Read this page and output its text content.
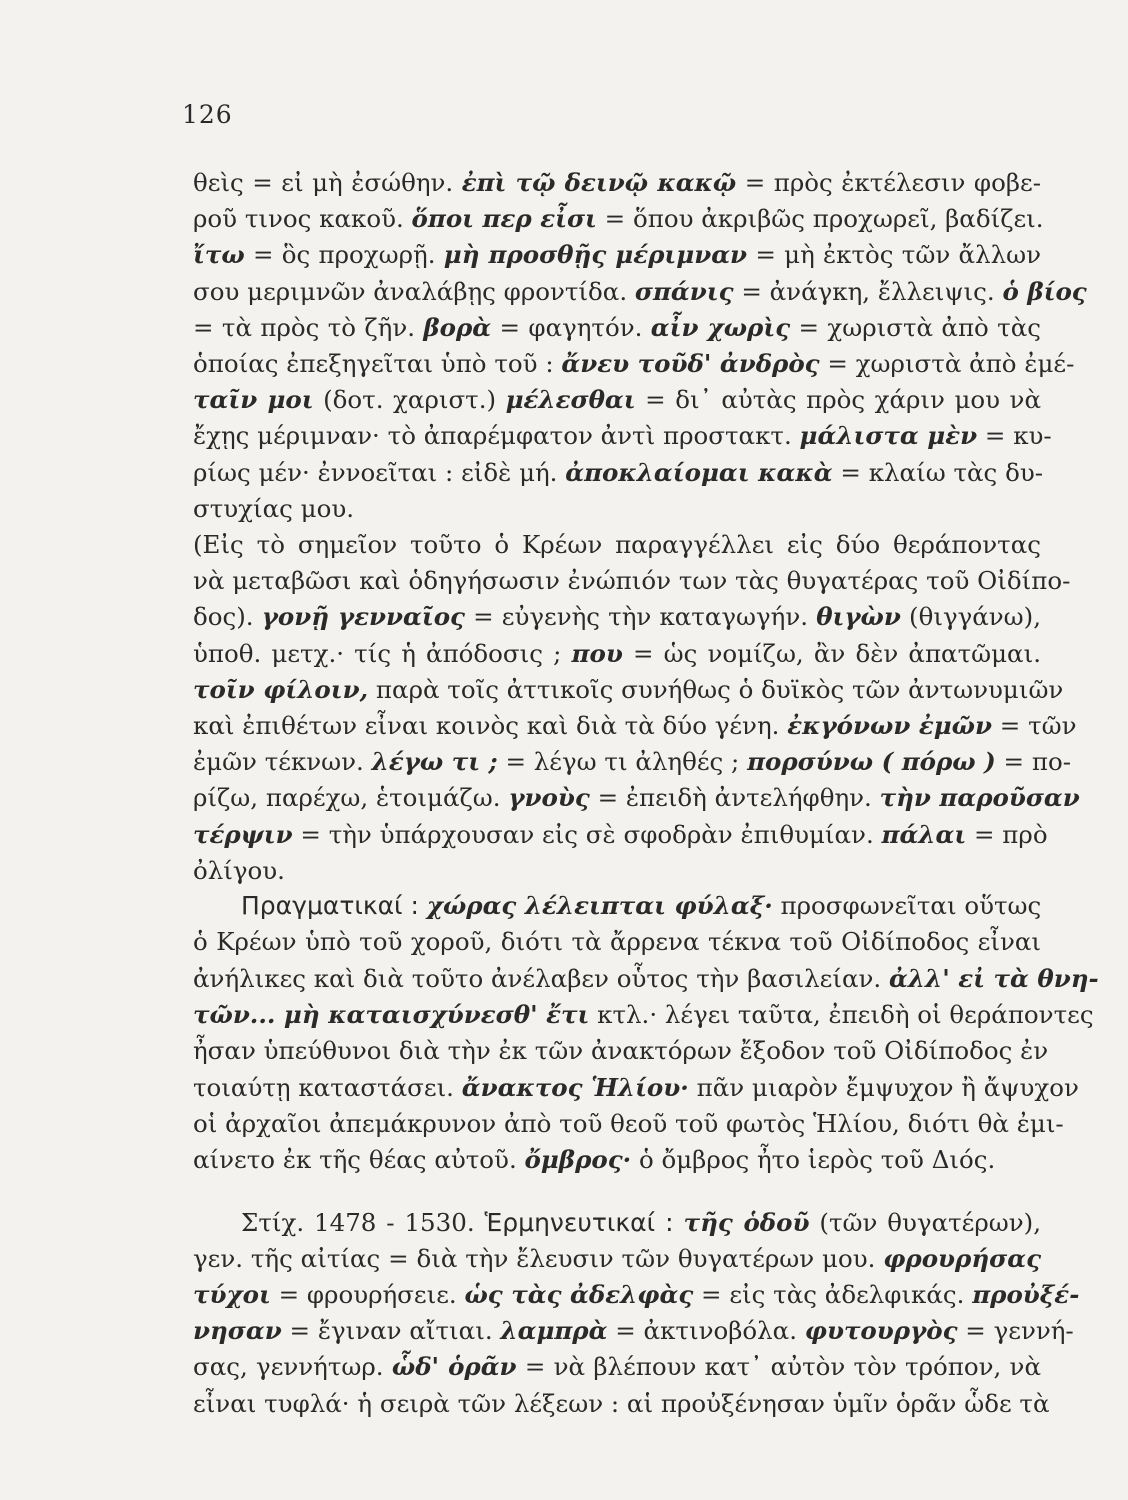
126
θεὶς = εἰ μὴ ἐσώθην. ἐπὶ τῷ δεινῷ κακῷ = πρὸς ἐκτέλεσιν φοβε-
ροῦ τινος κακοῦ. ὅποι περ εἶσι = ὅπου ἀκριβῶς προχωρεῖ, βαδίζει.
ἴτω = ὃς προχωρῇ. μὴ προσθῇς μέριμναν = μὴ ἐκτὸς τῶν ἄλλων
σου μεριμνῶν ἀναλάβῃς φροντίδα. σπάνις = ἀνάγκη, ἔλλειψις. ὁ βίος
= τὰ πρὸς τὸ ζῆν. βορὰ = φαγητόν. αἶν χωρὶς = χωριστὰ ἀπὸ τὰς
ὁποίας ἐπεξηγεῖται ὑπὸ τοῦ : ἄνευ τοῦδ' ἀνδρὸς = χωριστὰ ἀπὸ ἐμέ-
ταῖν μοι (δοτ. χαριστ.) μέλεσθαι = δι᾽ αὐτὰς πρὸς χάριν μου νὰ
ἔχῃς μέριμναν· τὸ ἀπαρέμφατον ἀντὶ προστακτ. μάλιστα μὲν = κυ-
ρίως μέν· ἐννοεῖται : εἰδὲ μή. ἀποκλαίομαι κακὰ = κλαίω τὰς δυ-
στυχίας μου.
(Εἰς τὸ σημεῖον τοῦτο ὁ Κρέων παραγγέλλει εἰς δύο θεράποντας
νὰ μεταβῶσι καὶ ὁδηγήσωσιν ἐνώπιόν των τὰς θυγατέρας τοῦ Οἰδίπο-
δος). γονῇ γενναῖος = εὐγενὴς τὴν καταγωγήν. θιγὼν (θιγγάνω),
ὑποθ. μετχ.· τίς ἡ ἀπόδοσις ; που = ὡς νομίζω, ἂν δὲν ἀπατῶμαι.
τοῖν φίλοιν, παρὰ τοῖς ἀττικοῖς συνήθως ὁ δυϊκὸς τῶν ἀντωνυμιῶν
καὶ ἐπιθέτων εἶναι κοινὸς καὶ διὰ τὰ δύο γένη. ἐκγόνων ἐμῶν = τῶν
ἐμῶν τέκνων. λέγω τι ; = λέγω τι ἀληθές ; πορσύνω ( πόρω ) = πο-
ρίζω, παρέχω, ἑτοιμάζω. γνοὺς = ἐπειδὴ ἀντελήφθην. τὴν παροῦσαν
τέρψιν = τὴν ὑπάρχουσαν εἰς σὲ σφοδρὰν ἐπιθυμίαν. πάλαι = πρὸ
ὀλίγου.
Πραγματικαί : χώρας λέλειπται φύλαξ· προσφωνεῖται οὕτως
ὁ Κρέων ὑπὸ τοῦ χοροῦ, διότι τὰ ἄρρενα τέκνα τοῦ Οἰδίποδος εἶναι
ἀνήλικες καὶ διὰ τοῦτο ἀνέλαβεν οὗτος τὴν βασιλείαν. ἀλλ' εἰ τὰ θνη-
τῶν... μὴ καταισχύνεσθ' ἔτι κτλ.· λέγει ταῦτα, ἐπειδὴ οἱ θεράποντες
ἦσαν ὑπεύθυνοι διὰ τὴν ἐκ τῶν ἀνακτόρων ἔξοδον τοῦ Οἰδίποδος ἐν
τοιαύτῃ καταστάσει. ἄνακτος Ἡλίου· πᾶν μιαρὸν ἔμψυχον ἢ ἄψυχον
οἱ ἀρχαῖοι ἀπεμάκρυνον ἀπὸ τοῦ θεοῦ τοῦ φωτὸς Ἡλίου, διότι θὰ ἐμι-
αίνετο ἐκ τῆς θέας αὐτοῦ. ὄμβρος· ὁ ὄμβρος ἦτο ἱερὸς τοῦ Διός.
Στίχ. 1478 - 1530. Ἑρμηνευτικαί : τῆς ὁδοῦ (τῶν θυγατέρων),
γεν. τῆς αἰτίας = διὰ τὴν ἔλευσιν τῶν θυγατέρων μου. φρουρήσας
τύχοι = φρουρήσειε. ὡς τὰς ἀδελφὰς = εἰς τὰς ἀδελφικάς. προὐξέ-
νησαν = ἔγιναν αἴτιαι. λαμπρὰ = ἀκτινοβόλα. φυτουργὸς = γεννή-
σας, γεννήτωρ. ὧδ' ὁρᾶν = νὰ βλέπουν κατ᾽ αὐτὸν τὸν τρόπον, νὰ
εἶναι τυφλά· ἡ σειρὰ τῶν λέξεων : αἱ προὐξένησαν ὑμῖν ὁρᾶν ὧδε τὰ
